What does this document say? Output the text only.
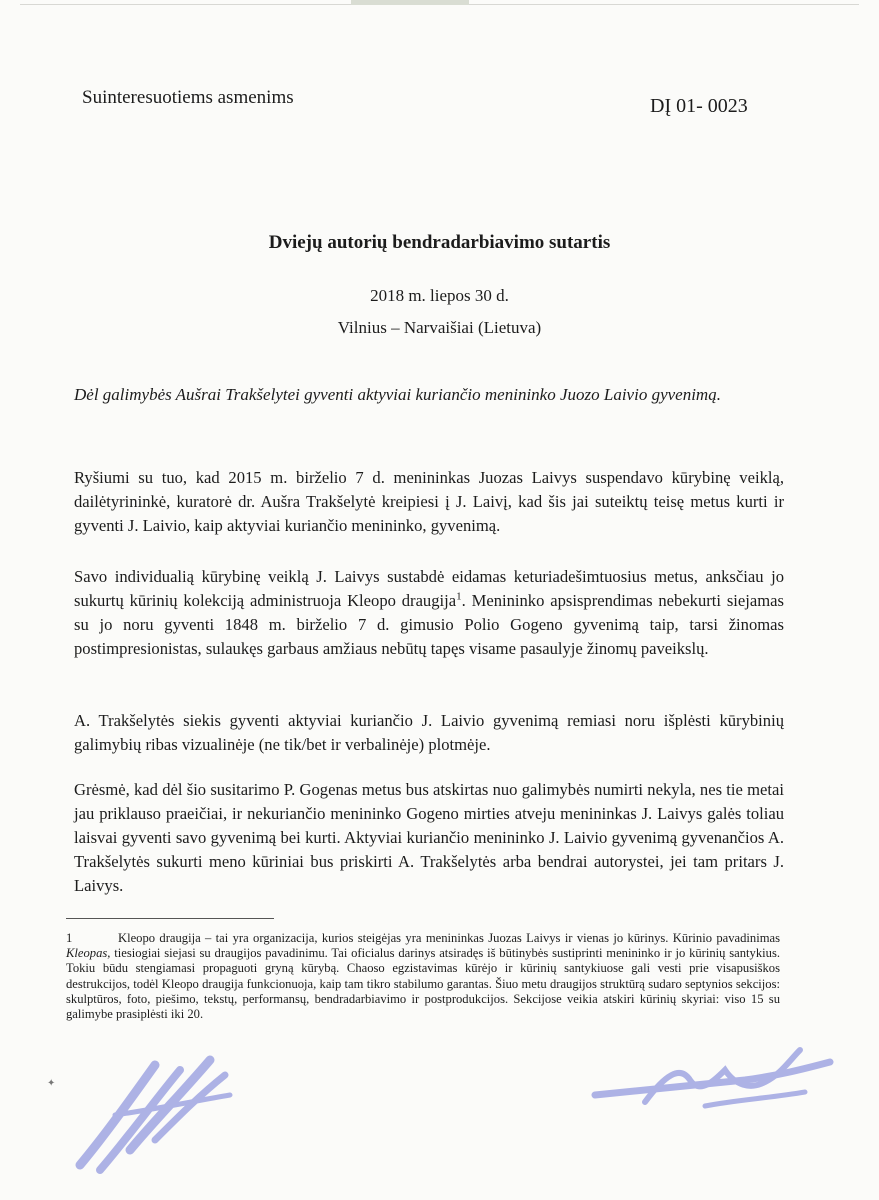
Suinteresuotiems asmenims	DĮ 01- 0023
Dviejų autorių bendradarbiavimo sutartis
2018 m. liepos 30 d.
Vilnius – Narvaišiai (Lietuva)
Dėl galimybės Aušrai Trakšelytei gyventi aktyviai kuriančio menininko Juozo Laivio gyvenimą.
Ryšiumi su tuo, kad 2015 m. birželio 7 d. menininkas Juozas Laivys suspendavo kūrybinę veiklą, dailėtyrininkė, kuratorė dr. Aušra Trakšelytė kreipiesi į J. Laivį, kad šis jai suteiktų teisę metus kurti ir gyventi J. Laivio, kaip aktyviai kuriančio menininko, gyvenimą.
Savo individualią kūrybinę veiklą J. Laivys sustabdė eidamas keturiadešimtuosius metus, anksčiau jo sukurtų kūrinių kolekciją administruoja Kleopo draugija$^1$. Menininko apsisprendimas nebekurti siejamas su jo noru gyventi 1848 m. birželio 7 d. gimusio Polio Gogeno gyvenimą taip, tarsi žinomas postimpresionistas, sulaukęs garbaus amžiaus nebūtų tapęs visame pasaulyje žinomų paveikslų.
A. Trakšelytės siekis gyventi aktyviai kuriančio J. Laivio gyvenimą remiasi noru išplėsti kūrybinių galimybių ribas vizualinėje (ne tik/bet ir verbalinėje) plotmėje.
Grėsmė, kad dėl šio susitarimo P. Gogenas metus bus atskirtas nuo galimybės numirti nekyla, nes tie metai jau priklauso praeičiai, ir nekuriančio menininko Gogeno mirties atveju menininkas J. Laivys galės toliau laisvai gyventi savo gyvenimą bei kurti. Aktyviai kuriančio menininko J. Laivio gyvenimą gyvenančios A. Trakšelytės sukurti meno kūriniai bus priskirti A. Trakšelytės arba bendrai autorystei, jei tam pritars J. Laivys.
1	Kleopo draugija – tai yra organizacija, kurios steigėjas yra menininkas Juozas Laivys ir vienas jo kūrinys. Kūrinio pavadinimas Kleopas, tiesiogiai siejasi su draugijos pavadinimu. Tai oficialus darinys atsiradęs iš būtinybės sustiprinti menininko ir jo kūrinių santykius. Tokiu būdu stengiamasi propaguoti gryną kūrybą. Chaoso egzistavimas kūrėjo ir kūrinių santykiuose gali vesti prie visapusiškos destrukcijos, todėl Kleopo draugija funkcionuoja, kaip tam tikro stabilumo garantas. Šiuo metu draugijos struktūrą sudaro septynios sekcijos: skulptūros, foto, piešimo, tekstų, performansų, bendradarbiavimo ir postprodukcijos. Sekcijose veikia atskiri kūrinių skyriai: viso 15 su galimybe prasiplėsti iki 20.
✦
